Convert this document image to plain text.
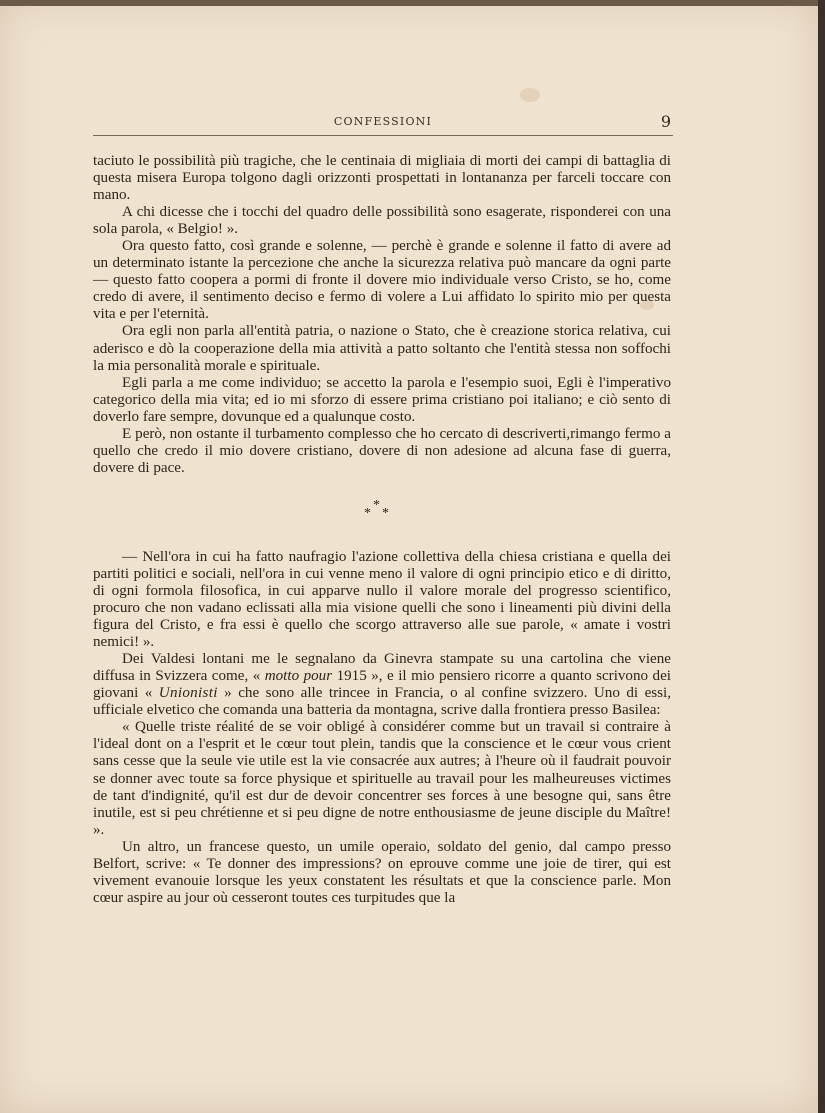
CONFESSIONI	9

taciuto le possibilità più tragiche, che le centinaia di migliaia di morti dei campi di battaglia di questa misera Europa tolgono dagli orizzonti prospettati in lontananza per farceli toccare con mano.

A chi dicesse che i tocchi del quadro delle possibilità sono esagerate, risponderei con una sola parola, « Belgio! ».

Ora questo fatto, così grande e solenne, — perchè è grande e solenne il fatto di avere ad un determinato istante la percezione che anche la sicurezza relativa può mancare da ogni parte — questo fatto coopera a pormi di fronte il dovere mio individuale verso Cristo, se ho, come credo di avere, il sentimento deciso e fermo di volere a Lui affidato lo spirito mio per questa vita e per l'eternità.

Ora egli non parla all'entità patria, o nazione o Stato, che è creazione storica relativa, cui aderisco e dò la cooperazione della mia attività a patto soltanto che l'entità stessa non soffochi la mia personalità morale e spirituale.

Egli parla a me come individuo; se accetto la parola e l'esempio suoi, Egli è l'imperativo categorico della mia vita; ed io mi sforzo di essere prima cristiano poi italiano; e ciò sento di doverlo fare sempre, dovunque ed a qualunque costo.

E però, non ostante il turbamento complesso che ho cercato di descriverti,rimango fermo a quello che credo il mio dovere cristiano, dovere di non adesione ad alcuna fase di guerra, dovere di pace.

*
* *

— Nell'ora in cui ha fatto naufragio l'azione collettiva della chiesa cristiana e quella dei partiti politici e sociali, nell'ora in cui venne meno il valore di ogni principio etico e di diritto, di ogni formola filosofica, in cui apparve nullo il valore morale del progresso scientifico, procuro che non vadano eclissati alla mia visione quelli che sono i lineamenti più divini della figura del Cristo, e fra essi è quello che scorgo attraverso alle sue parole, « amate i vostri nemici! ».

Dei Valdesi lontani me le segnalano da Ginevra stampate su una cartolina che viene diffusa in Svizzera come, « motto pour 1915 », e il mio pensiero ricorre a quanto scrivono dei giovani « Unionisti » che sono alle trincee in Francia, o al confine svizzero. Uno di essi, ufficiale elvetico che comanda una batteria da montagna, scrive dalla frontiera presso Basilea:

« Quelle triste réalité de se voir obligé à considérer comme but un travail si contraire à l'ideal dont on a l'esprit et le cœur tout plein, tandis que la conscience et le cœur vous crient sans cesse que la seule vie utile est la vie consacrée aux autres; à l'heure où il faudrait pouvoir se donner avec toute sa force physique et spirituelle au travail pour les malheureuses victimes de tant d'indignité, qu'il est dur de devoir concentrer ses forces à une besogne qui, sans être inutile, est si peu chrétienne et si peu digne de notre enthousiasme de jeune disciple du Maître! ».

Un altro, un francese questo, un umile operaio, soldato del genio, dal campo presso Belfort, scrive: « Te donner des impressions? on eprouve comme une joie de tirer, qui est vivement evanouie lorsque les yeux constatent les résultats et que la conscience parle. Mon cœur aspire au jour où cesseront toutes ces turpitudes que la
